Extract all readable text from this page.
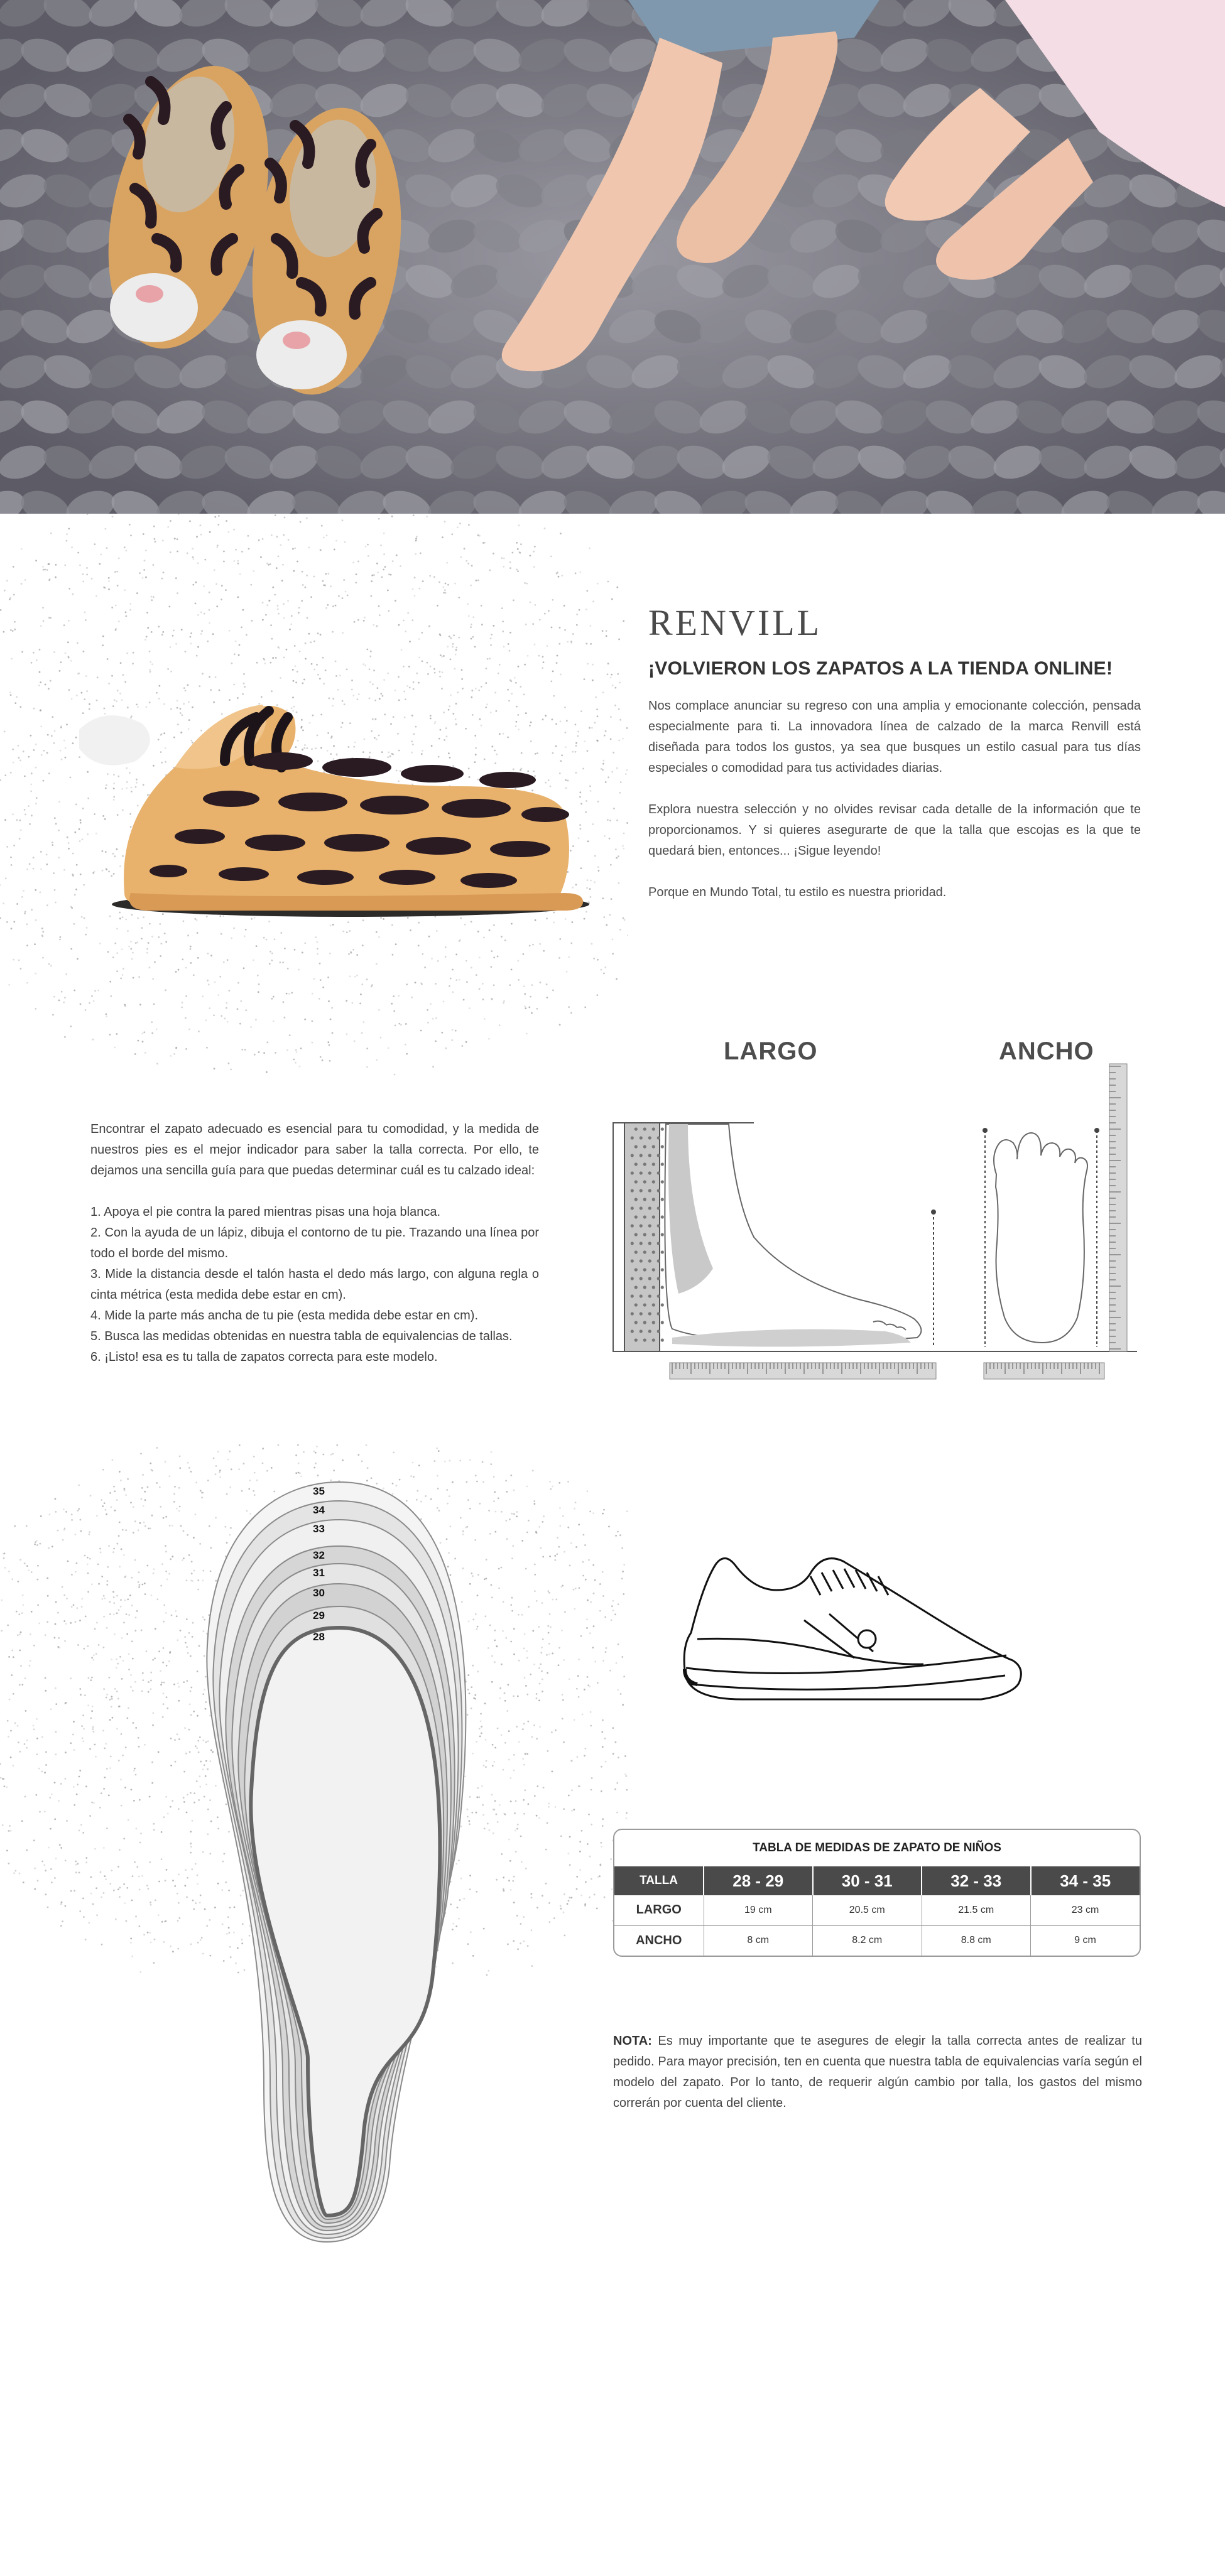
RENVILL
¡VOLVIERON LOS ZAPATOS A LA TIENDA ONLINE!

Nos complace anunciar su regreso con una amplia y emocionante colección, pensada especialmente para ti. La innovadora línea de calzado de la marca Renvill está diseñada para todos los gustos, ya sea que busques un estilo casual para tus días especiales o comodidad para tus actividades diarias.

Explora nuestra selección y no olvides revisar cada detalle de la información que te proporcionamos. Y si quieres asegurarte de que la talla que escojas es la que te quedará bien, entonces... ¡Sigue leyendo!

Porque en Mundo Total, tu estilo es nuestra prioridad.

Encontrar el zapato adecuado es esencial para tu comodidad, y la medida de nuestros pies es el mejor indicador para saber la talla correcta. Por ello, te dejamos una sencilla guía para que puedas determinar cuál es tu calzado ideal:

1. Apoya el pie contra la pared mientras pisas una hoja blanca.
2. Con la ayuda de un lápiz, dibuja el contorno de tu pie. Trazando una línea por todo el borde del mismo.
3. Mide la distancia desde el talón hasta el dedo más largo, con alguna regla o cinta métrica (esta medida debe estar en cm).
4. Mide la parte más ancha de tu pie (esta medida debe estar en cm).
5. Busca las medidas obtenidas en nuestra tabla de equivalencias de tallas.
6. ¡Listo! esa es tu talla de zapatos correcta para este modelo.
LARGO	ANCHO
35
34
33
32
31
30
29
28
TABLA DE MEDIDAS DE ZAPATO DE NIÑOS
TALLA	28 - 29	30 - 31	32 - 33	34 - 35
LARGO	19 cm	20.5 cm	21.5 cm	23 cm
ANCHO	8 cm	8.2 cm	8.8 cm	9 cm

NOTA: Es muy importante que te asegures de elegir la talla correcta antes de realizar tu pedido. Para mayor precisión, ten en cuenta que nuestra tabla de equivalencias varía según el modelo del zapato. Por lo tanto, de requerir algún cambio por talla, los gastos del mismo correrán por cuenta del cliente.
